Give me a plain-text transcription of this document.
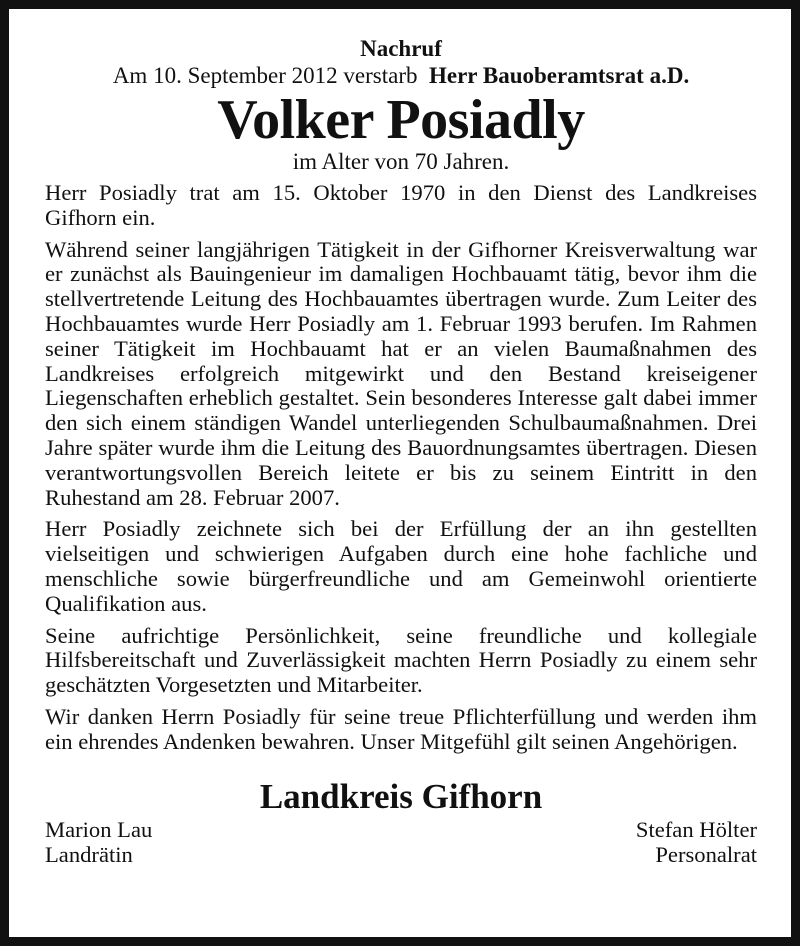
Nachruf
Am 10. September 2012 verstarb Herr Bauoberamtsrat a.D.
Volker Posiadly
im Alter von 70 Jahren.
Herr Posiadly trat am 15. Oktober 1970 in den Dienst des Landkreises Gifhorn ein.
Während seiner langjährigen Tätigkeit in der Gifhorner Kreisverwaltung war er zunächst als Bauingenieur im damaligen Hochbauamt tätig, bevor ihm die stellvertretende Leitung des Hochbauamtes übertragen wurde. Zum Leiter des Hochbauamtes wurde Herr Posiadly am 1. Februar 1993 berufen. Im Rahmen seiner Tätigkeit im Hochbauamt hat er an vielen Baumaßnahmen des Landkreises erfolgreich mitgewirkt und den Bestand kreiseigener Liegenschaften erheblich gestaltet. Sein besonderes Interesse galt dabei immer den sich einem ständigen Wandel unterliegenden Schulbaumaßnahmen. Drei Jahre später wurde ihm die Leitung des Bauordnungsamtes übertragen. Diesen verantwortungsvollen Bereich leitete er bis zu seinem Eintritt in den Ruhestand am 28. Februar 2007.
Herr Posiadly zeichnete sich bei der Erfüllung der an ihn gestellten vielseitigen und schwierigen Aufgaben durch eine hohe fachliche und menschliche sowie bürgerfreundliche und am Gemeinwohl orientierte Qualifikation aus.
Seine aufrichtige Persönlichkeit, seine freundliche und kollegiale Hilfsbereitschaft und Zuverlässigkeit machten Herrn Posiadly zu einem sehr geschätzten Vorgesetzten und Mitarbeiter.
Wir danken Herrn Posiadly für seine treue Pflichterfüllung und werden ihm ein ehrendes Andenken bewahren. Unser Mitgefühl gilt seinen Angehörigen.
Landkreis Gifhorn
Marion Lau
Landrätin
Stefan Hölter
Personalrat
